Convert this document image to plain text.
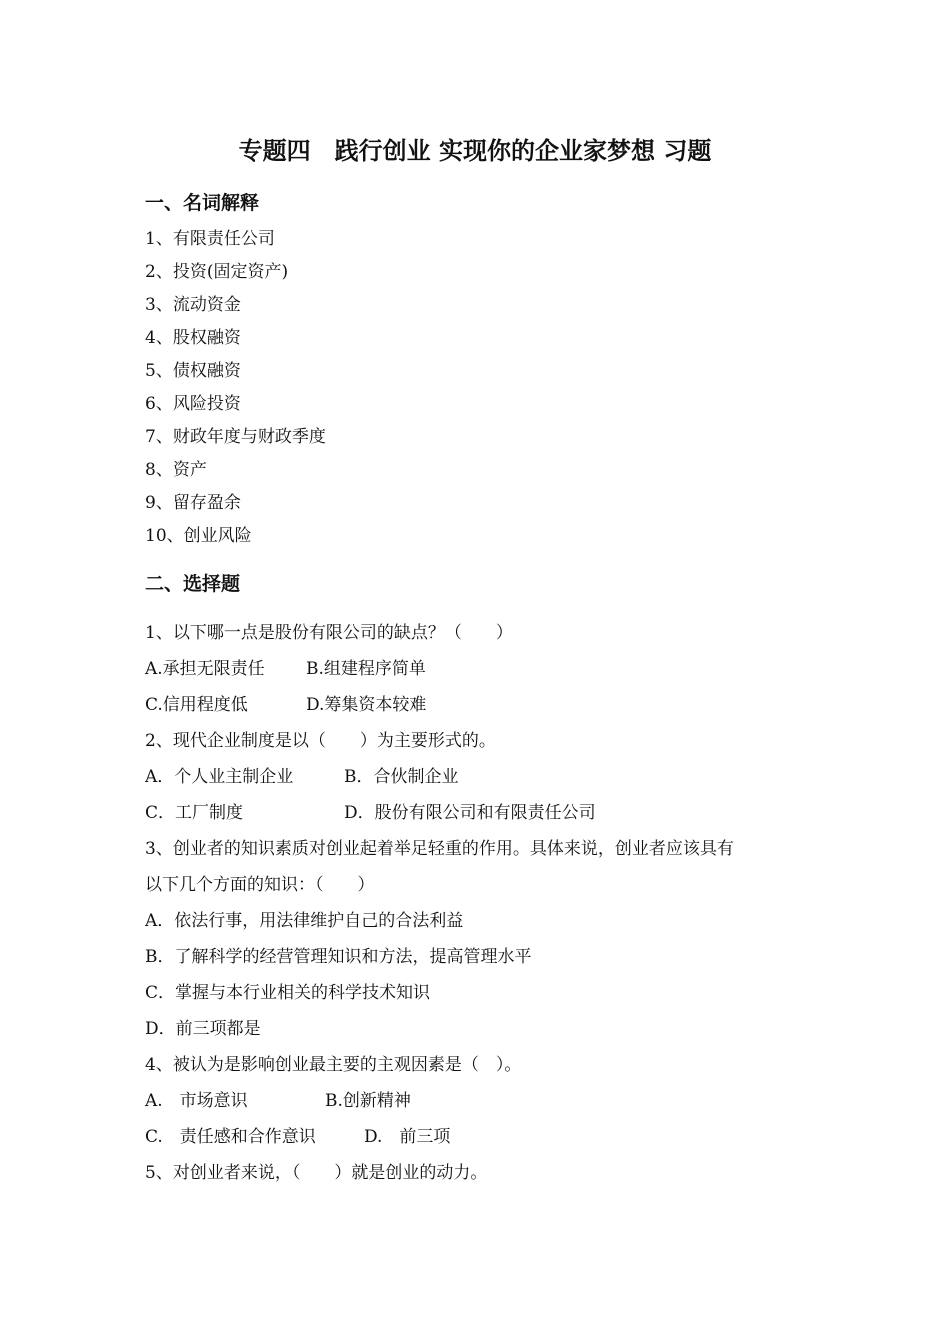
专题四　践行创业 实现你的企业家梦想 习题
一、名词解释
1、有限责任公司
2、投资(固定资产)
3、流动资金
4、股权融资
5、债权融资
6、风险投资
7、财政年度与财政季度
8、资产
9、留存盈余
10、创业风险
二、选择题
1、以下哪一点是股份有限公司的缺点？（　　）
A.承担无限责任 B.组建程序简单
C.信用程度低	D.筹集资本较难
2、现代企业制度是以（　　）为主要形式的。
A．个人业主制企业	B．合伙制企业
C．工厂制度	D．股份有限公司和有限责任公司
3、创业者的知识素质对创业起着举足轻重的作用。具体来说，创业者应该具有
以下几个方面的知识：（　　）
A．依法行事，用法律维护自己的合法利益
B．了解科学的经营管理知识和方法，提高管理水平
C．掌握与本行业相关的科学技术知识
D．前三项都是
4、被认为是影响创业最主要的主观因素是（　）。
A.　市场意识	B.创新精神
C.　责任感和合作意识	D.　前三项
5、对创业者来说，（　　）就是创业的动力。
